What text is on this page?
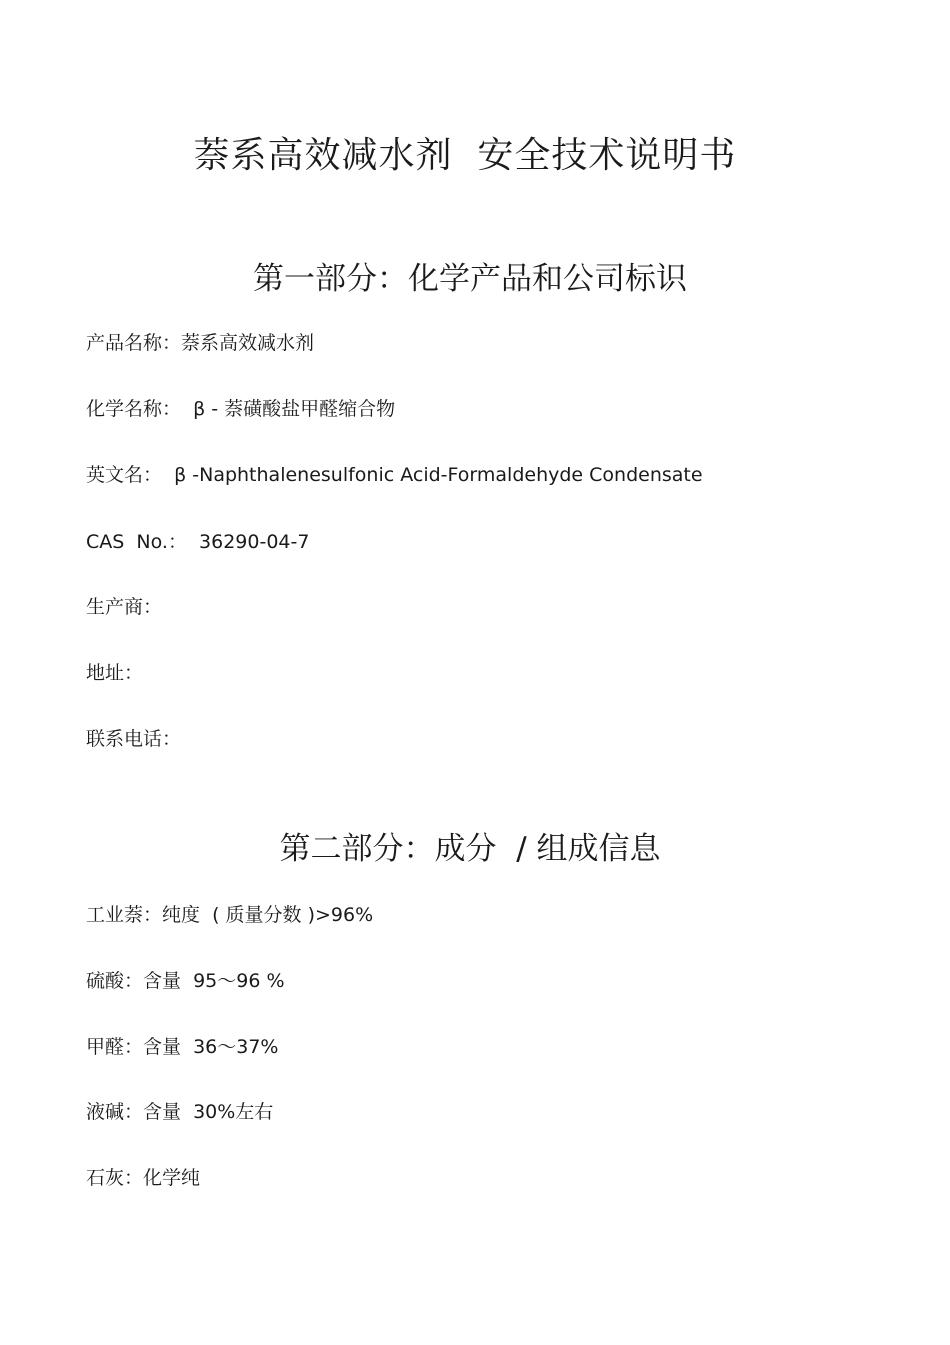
萘系高效减水剂  安全技术说明书
第一部分：化学产品和公司标识
产品名称：萘系高效减水剂
化学名称：  β - 萘磺酸盐甲醛缩合物
英文名：  β -Naphthalenesulfonic Acid-Formaldehyde Condensate
CAS  No.：  36290-04-7
生产商：
地址：
联系电话：
第二部分：成分  / 组成信息
工业萘：纯度  ( 质量分数 )>96%
硫酸：含量  95～96 %
甲醛：含量  36～37%
液碱：含量  30%左右
石灰：化学纯
